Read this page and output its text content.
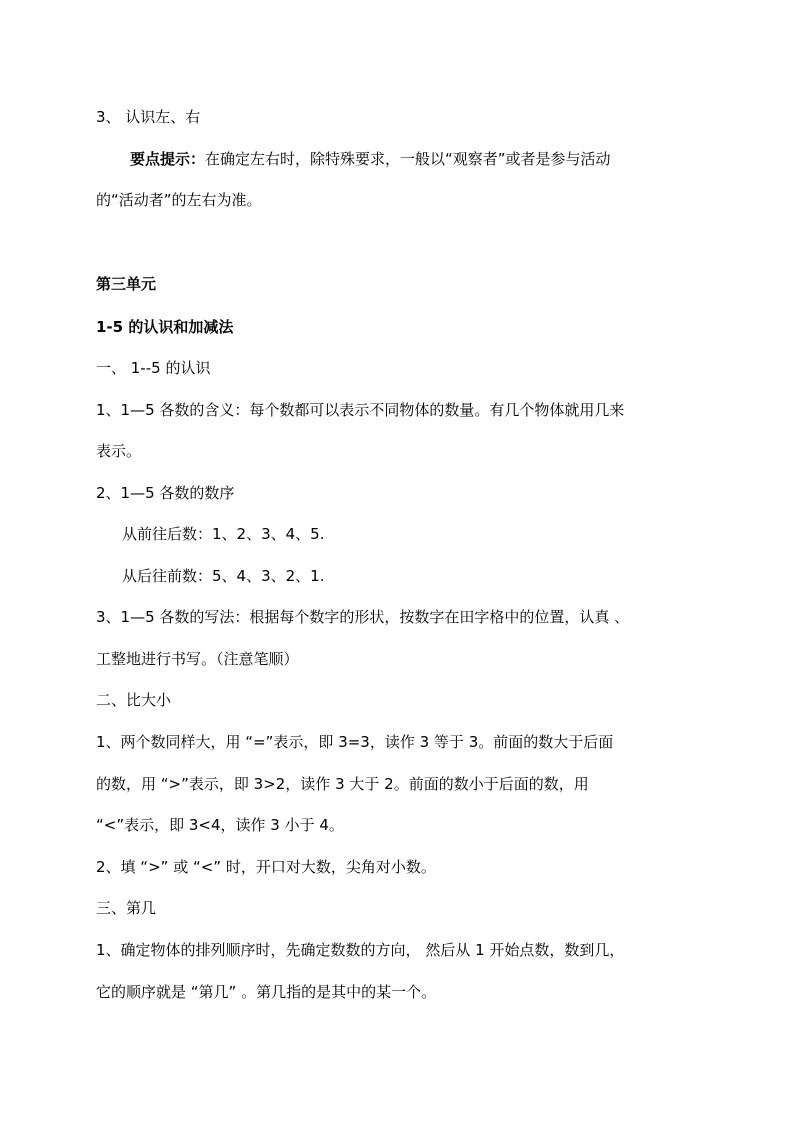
3、 认识左、右
要点提示：在确定左右时，除特殊要求，一般以“观察者”或者是参与活动
的“活动者”的左右为准。
第三单元
1-5 的认识和加减法
一、 1--5 的认识
1、1—5 各数的含义：每个数都可以表示不同物体的数量。有几个物体就用几来
表示。
2、1—5 各数的数序
从前往后数：1、2、3、4、5.
从后往前数：5、4、3、2、1.
3、1—5 各数的写法：根据每个数字的形状，按数字在田字格中的位置，认真 、
工整地进行书写。（注意笔顺）
二、比大小
1、两个数同样大，用 “=”表示，即 3=3，读作 3 等于 3。前面的数大于后面
的数，用 “>”表示，即 3>2，读作 3 大于 2。前面的数小于后面的数，用
“<”表示，即 3<4，读作 3 小于 4。
2、填 “>” 或 “<” 时，开口对大数，尖角对小数。
三、第几
1、确定物体的排列顺序时，先确定数数的方向， 然后从 1 开始点数，数到几，
它的顺序就是 “第几” 。第几指的是其中的某一个。
